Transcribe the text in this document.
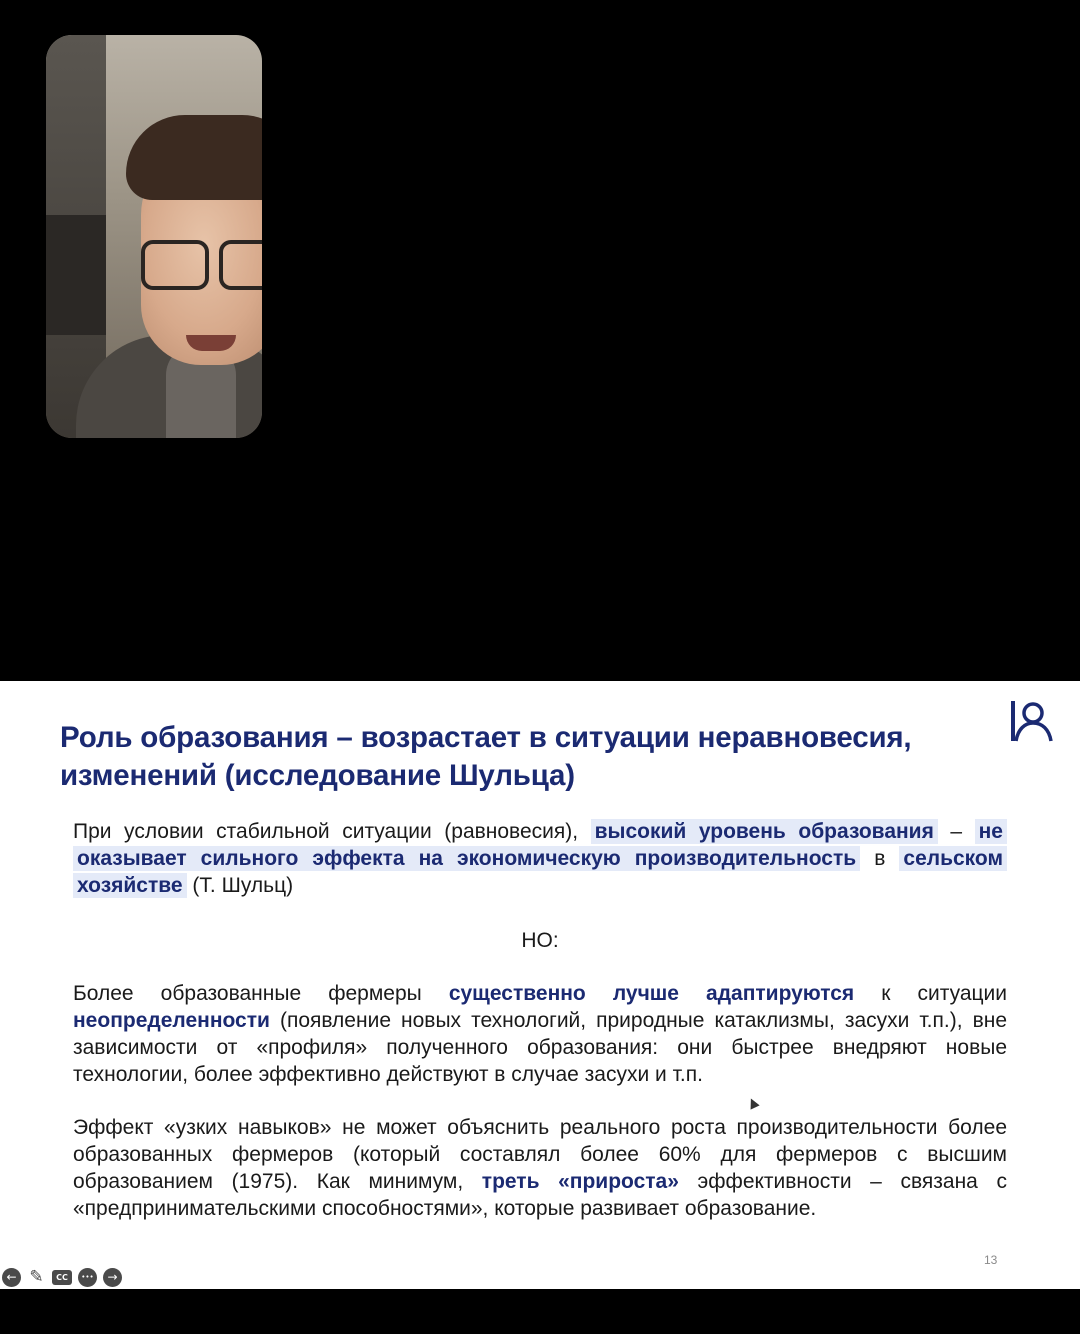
Роль образования – возрастает в ситуации неравновесия, изменений (исследование Шульца)

При условии стабильной ситуации (равновесия), высокий уровень образования – не оказывает сильного эффекта на экономическую производительность в сельском хозяйстве (Т. Шульц)

НО:

Более образованные фермеры существенно лучше адаптируются к ситуации неопределенности (появление новых технологий, природные катаклизмы, засухи т.п.), вне зависимости от «профиля» полученного образования: они быстрее внедряют новые технологии, более эффективно действуют в случае засухи и т.п.

Эффект «узких навыков» не может объяснить реального роста производительности более образованных фермеров (который составлял более 60% для фермеров с высшим образованием (1975). Как минимум, треть «прироста» эффективности – связана с «предпринимательскими способностями», которые развивает образование.

13
← ✎	CC	•••	→
